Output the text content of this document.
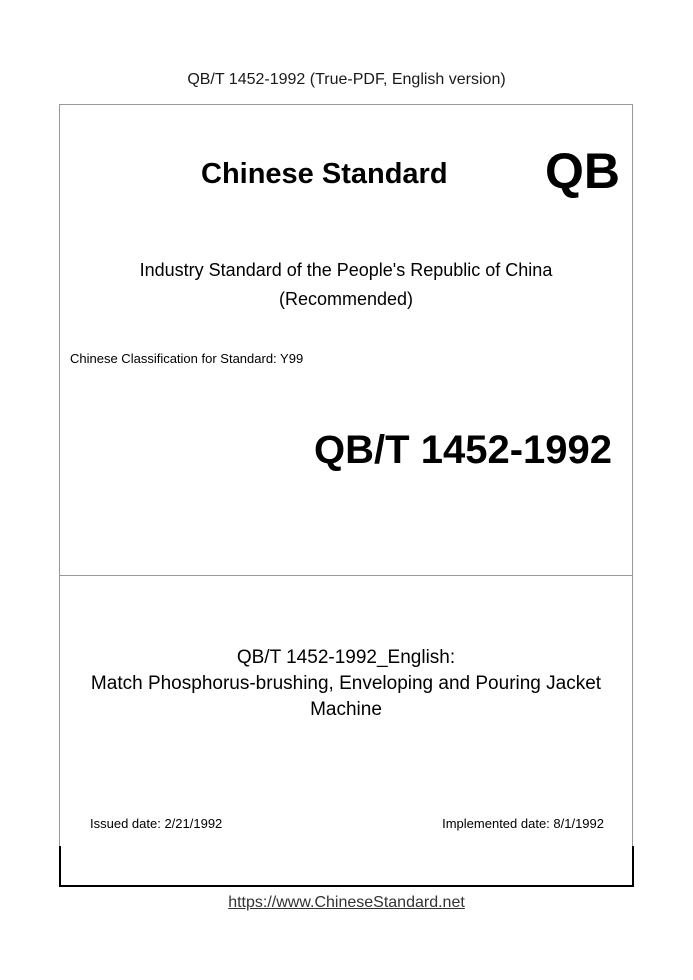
QB/T 1452-1992 (True-PDF, English version)
Chinese Standard QB
Industry Standard of the People's Republic of China
(Recommended)
Chinese Classification for Standard: Y99
QB/T 1452-1992
QB/T 1452-1992_English:
Match Phosphorus-brushing, Enveloping and Pouring Jacket
Machine
Issued date: 2/21/1992	Implemented date: 8/1/1992
https://www.ChineseStandard.net
